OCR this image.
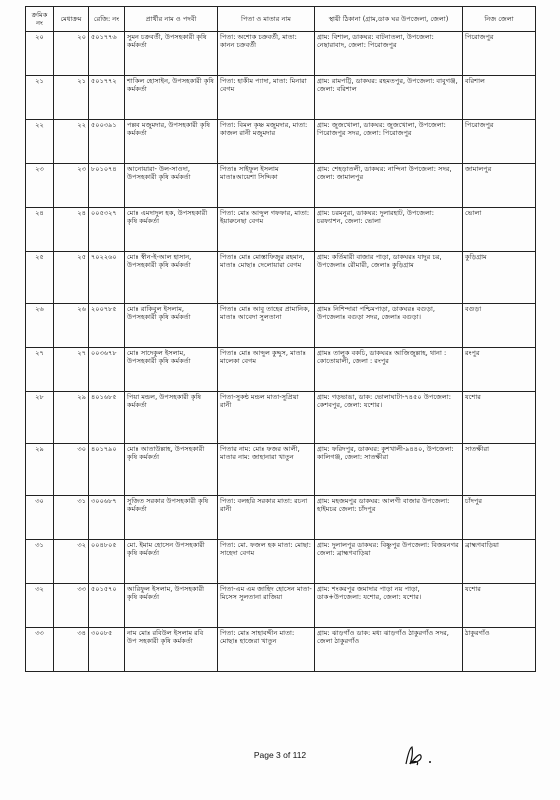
ক্রমিক নং	মেধাক্রম	রেজি: নং	প্রার্থীর নাম ও পদবী	পিতা ও মাতার নাম	স্থায়ী ঠিকানা (গ্রাম,ডাক ঘর উপজেলা, জেলা)	নিজ জেলা
২০	২০	৫০১৭৭৬	সুমন চক্রবর্তী, উপসহকারী কৃষি কর্মকর্তা	পিতা: অশোক চক্রবর্তী, মাতা: কানন চক্রবর্তী	গ্রাম: বিশাল, ডাকঘর: বাটনাতলা, উপজেলা: নেছারাবাদ, জেলা: পিরোজপুর	পিরোজপুর
২১	২১	৫০১৭৭২	শাকিল হোসাইন, উপসহকারী কৃষি কর্মকর্তা	পিতা: হাকীম প্যাদা, মাতা: মিনারা বেগম	গ্রাম: রামপট্টি, ডাকঘর: রহমতপুর, উপজেলা: বাবুগঞ্জ, জেলা: বরিশাল	বরিশাল
২২	২২	৫০০৩৯১	পল্লব মজুমদার, উপসহকারী কৃষি কর্মকর্তা	পিতা: বিমল কৃষ্ণ মজুমদার, মাতা: কাজল রানী মজুমদার	গ্রাম: জুজখোলা, ডাকঘর: জুজখোলা, উপজেলা: পিরোজপুর সদর, জেলা: পিরোজপুর	পিরোজপুর
২৩	২৩	৮০১০৭৪	আনোয়ারা- উল-সাওদা, উপসহকারী কৃষি কর্মকর্তা	পিতাঃ সাইফুল ইসলাম মাতাঃআয়েশা সিদ্দিকা	গ্রাম: শেহড়াতলী, ডাকঘর: নান্দিনা উপজেলা: সদর, জেলা: জামালপুর	জামালপুর
২৪	২৪	০০৫৩২৭	মোঃ এমদাদুল হক, উপসহকারী কৃষি কর্মকর্তা	পিতা: মোঃ আব্দুল গফফার, মাতা: ইয়ারুনেছা বেগম	গ্রাম: চরমনুরা, ডাকঘর: দুলারহাট, উপজেলা: চরফ্যাশন, জেলা: ভোলা	ভোলা
২৫	২৫	৭০২২৬০	মোঃ স্বীন-ই-আল হাসান, উপসহকারী কৃষি কর্মকর্তা	পিতাঃ মোঃ মোস্তাফিজুর রহমান, মাতাঃ মোছাঃ দেলোয়ারা বেগম	গ্রাম: কর্তিমারী বাজার পাড়া, ডাকঘরঃ যাদুর চর, উপজেলাঃ রৌমারী, জেলাঃ কুড়িগ্রাম	কুড়িগ্রাম
২৬	২৬	২০০৭৮৫	মোঃ রাকিবুল ইসলাম, উপসহকারী কৃষি কর্মকর্তা	পিতাঃ মোঃ আবু তাহের প্রামানিক, মাতাঃ আবেদা সুলতানা	গ্রামঃ নিশিন্দারা পশ্চিমপাড়া, ডাকঘরঃ বগুড়া, উপজেলাঃ বগুড়া সদর, জেলাঃ বগুড়া।	বগুড়া
২৭	২৭	০০৩৬৭৮	মোঃ সাদেকুল ইসলাম, উপসহকারী কৃষি কর্মকর্তা	পিতাঃ মোঃ আব্দুল কুদ্দুস, মাতাঃ মালেকা বেগম	গ্রামঃ তালুক বকচি, ডাকঘরঃ আজিজুল্লাহ, থানা : কোতোয়ালী, জেলা : রংপুর	রংপুর
২৮	২৯	৪০১৬৮৫	পিয়া মন্ডল, উপসহকারী কৃষি কর্মকর্তা	পিতা-সুকন্ঠ মন্ডল মাতা-সুপ্রিয়া রানী	গ্রাম: গড়ভাঙা, ডাক: ভোলাঘাটা-৭৪৫০ উপজেলা: কেশবপুর, জেলা: যশোর।	যশোর
২৯	৩০	৪০১৭৯০	মোঃ আতাউল্লাহ, উপসহকারী কৃষি কর্মকর্তা	পিতার নাম: মোঃ ফজর আলী, মাতার নাম: জাহানারা খাতুন	গ্রাম: ফরিদপুর, ডাকঘর: কুশখালী-৯৪৪০, উপজেলা: কালিগঞ্জ, জেলা: সাতক্ষীরা	সাতক্ষীরা
৩০	৩১	৩০০৬৮৭	সুজিত সরকার উপসহকারী কৃষি কর্মকর্তা	পিতা: বলহরি সরকার মাতা: রচনা রানী	গ্রাম: মহজমপুর ডাকঘর: আলগী বাজার উপজেলা: হাইমচর জেলা: চাঁদপুর	চাঁদপুর
৩১	৩২	০০৪৮০৫	মো. ইমাম হোসেন উপসহকারী কৃষি কর্মকর্তা	পিতা: মো. ফজল হক মাতা: মোছা: সাহেদা বেগম	গ্রাম: দুলালপুর ডাকঘর: বিষ্ণুপুর উপজেলা: বিজয়নগর জেলা: ব্রাহ্মণবাড়িয়া	ব্রাহ্মণবাড়িয়া
৩২	৩৩	৫০১৫৭০	আরিফুল ইসলাম, উপসহকারী কৃষি কর্মকর্তা	পিতা-এম এম জাহিদ হোসেন মাতা-মিসেস সুলতানা রাজিয়া	গ্রাম: শংকরপুর জমাদার পাড়া নয় পাড়া, ডাক+উপজেলা: যশোর, জেলা: যশোর।	যশোর
৩৩	৩৪	৩০০৮৫	নাম মোঃ রবিউল ইসলাম রবি উপ সহকারী কৃষি কর্মকর্তা	পিতা: মোঃ সাহাবদ্দীন মাতা: মোছাঃ হাজেরা খাতুন	গ্রাম: ঝাড়গাঁও ডাক: মধ্য ঝাড়গাঁও ঠাকুরগাঁও সদর, জেলা ঠাকুরগাঁও	ঠাকুরগাঁও
Page 3 of 112
